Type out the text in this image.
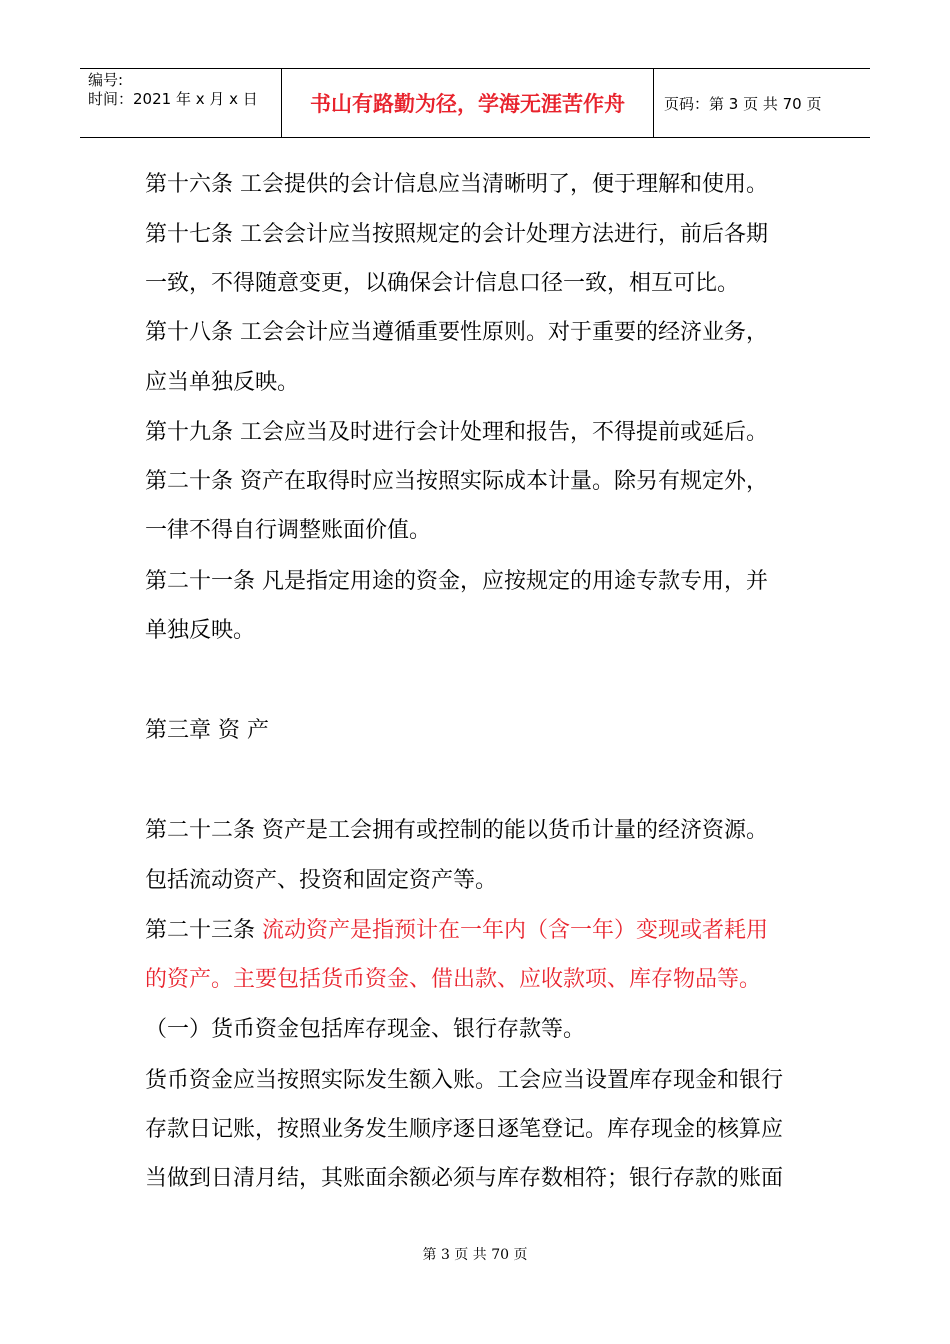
编号:
时间：2021 年 x 月 x 日	书山有路勤为径，学海无涯苦作舟	页码：第 3 页 共 70 页
第十六条 工会提供的会计信息应当清晰明了，便于理解和使用。
第十七条 工会会计应当按照规定的会计处理方法进行，前后各期
一致，不得随意变更，以确保会计信息口径一致，相互可比。
第十八条 工会会计应当遵循重要性原则。对于重要的经济业务，
应当单独反映。
第十九条 工会应当及时进行会计处理和报告，不得提前或延后。
第二十条 资产在取得时应当按照实际成本计量。除另有规定外，
一律不得自行调整账面价值。
第二十一条 凡是指定用途的资金，应按规定的用途专款专用，并
单独反映。
第三章 资 产
第二十二条 资产是工会拥有或控制的能以货币计量的经济资源。
包括流动资产、投资和固定资产等。
第二十三条 流动资产是指预计在一年内（含一年）变现或者耗用
的资产。主要包括货币资金、借出款、应收款项、库存物品等。
（一）货币资金包括库存现金、银行存款等。
货币资金应当按照实际发生额入账。工会应当设置库存现金和银行
存款日记账，按照业务发生顺序逐日逐笔登记。库存现金的核算应
当做到日清月结，其账面余额必须与库存数相符；银行存款的账面
第 3 页 共 70 页
